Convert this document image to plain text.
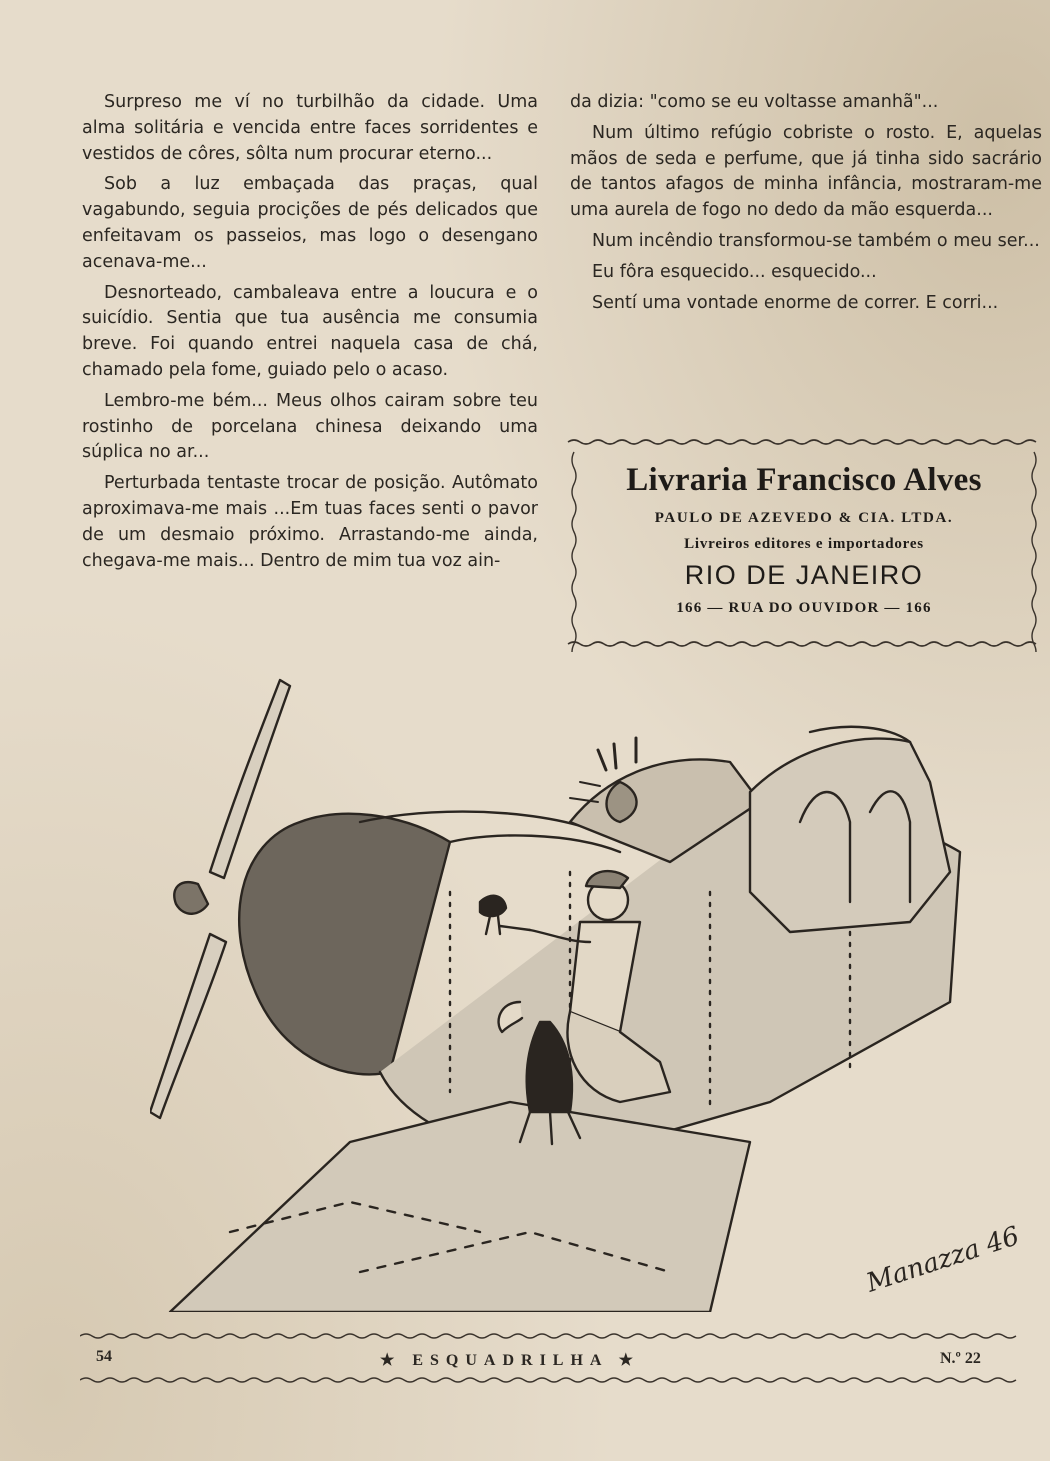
Surpreso me ví no turbilhão da cidade. Uma alma solitária e vencida entre faces sorridentes e vestidos de côres, sôlta num procurar eterno...

Sob a luz embaçada das praças, qual vagabundo, seguia procições de pés delicados que enfeitavam os passeios, mas logo o desengano acenava-me...

Desnorteado, cambaleava entre a loucura e o suicídio. Sentia que tua ausência me consumia breve. Foi quando entrei naquela casa de chá, chamado pela fome, guiado pelo o acaso.

Lembro-me bém... Meus olhos cairam sobre teu rostinho de porcelana chinesa deixando uma súplica no ar...

Perturbada tentaste trocar de posição. Autômato aproximava-me mais ...Em tuas faces senti o pavor de um desmaio próximo. Arrastando-me ainda, chegava-me mais... Dentro de mim tua voz ain-

da dizia: "como se eu voltasse amanhã"...

Num último refúgio cobriste o rosto. E, aquelas mãos de seda e perfume, que já tinha sido sacrário de tantos afagos de minha infância, mostraram-me uma aurela de fogo no dedo da mão esquerda...

Num incêndio transformou-se também o meu ser...

Eu fôra esquecido... esquecido...

Sentí uma vontade enorme de correr. E corri...

Livraria Francisco Alves
PAULO DE AZEVEDO & CIA. LTDA.
Livreiros editores e importadores
RIO DE JANEIRO
166 — RUA DO OUVIDOR — 166
Manazza 46
54	★ ESQUADRILHA ★	N.º 22
